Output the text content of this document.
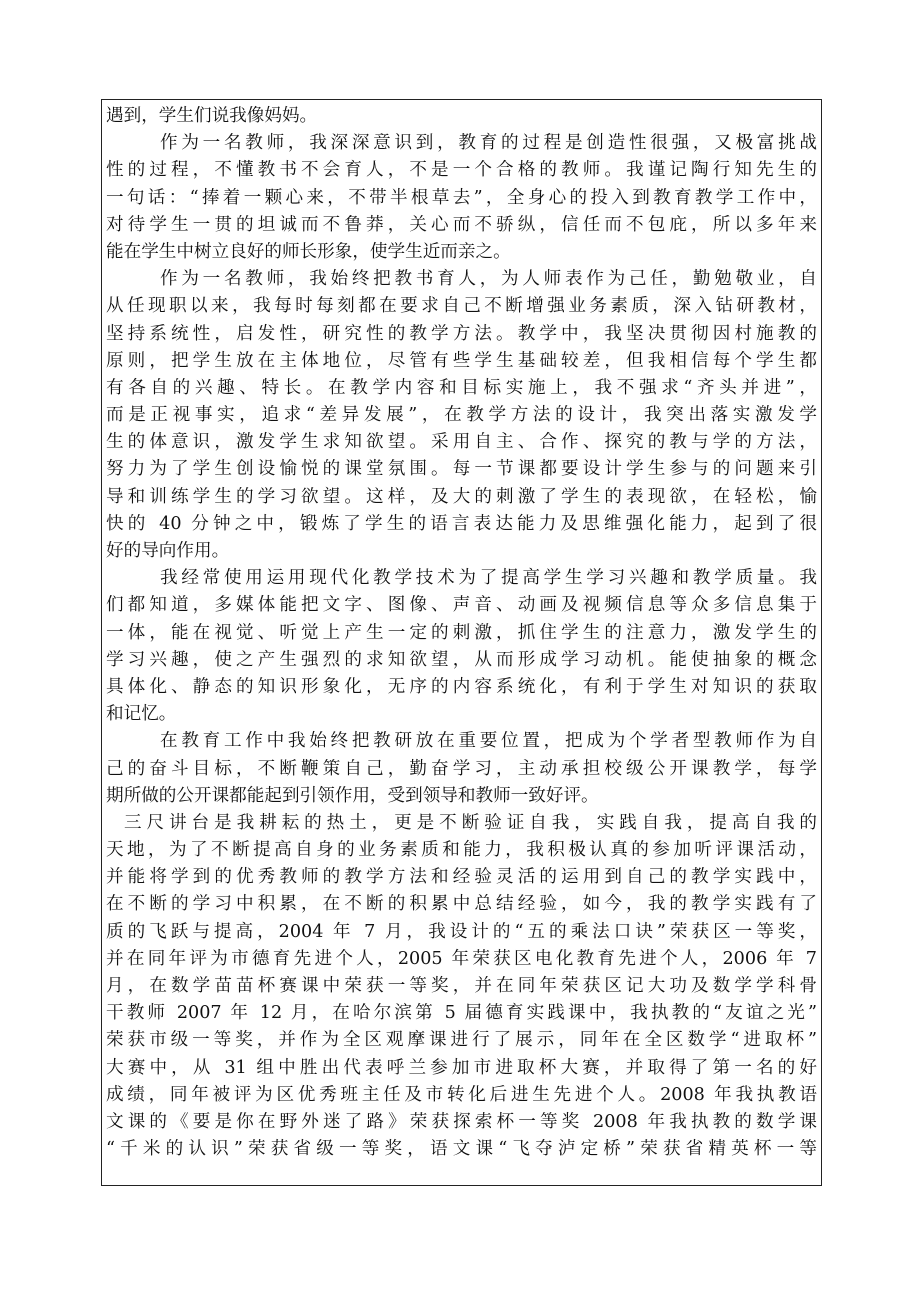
遇到，学生们说我像妈妈。
作为一名教师，我深深意识到，教育的过程是创造性很强，又极富挑战
性的过程，不懂教书不会育人，不是一个合格的教师。我谨记陶行知先生的
一句话：“捧着一颗心来，不带半根草去”，全身心的投入到教育教学工作中，
对待学生一贯的坦诚而不鲁莽，关心而不骄纵，信任而不包庇，所以多年来
能在学生中树立良好的师长形象，使学生近而亲之。
作为一名教师，我始终把教书育人，为人师表作为己任，勤勉敬业，自
从任现职以来，我每时每刻都在要求自己不断增强业务素质，深入钻研教材，
坚持系统性，启发性，研究性的教学方法。教学中，我坚决贯彻因村施教的
原则，把学生放在主体地位，尽管有些学生基础较差，但我相信每个学生都
有各自的兴趣、特长。在教学内容和目标实施上，我不强求“齐头并进”，
而是正视事实，追求“差异发展”，在教学方法的设计，我突出落实激发学
生的体意识，激发学生求知欲望。采用自主、合作、探究的教与学的方法，
努力为了学生创设愉悦的课堂氛围。每一节课都要设计学生参与的问题来引
导和训练学生的学习欲望。这样，及大的刺激了学生的表现欲，在轻松，愉
快的 40 分钟之中，锻炼了学生的语言表达能力及思维强化能力，起到了很
好的导向作用。
我经常使用运用现代化教学技术为了提高学生学习兴趣和教学质量。我
们都知道，多媒体能把文字、图像、声音、动画及视频信息等众多信息集于
一体，能在视觉、听觉上产生一定的刺激，抓住学生的注意力，激发学生的
学习兴趣，使之产生强烈的求知欲望，从而形成学习动机。能使抽象的概念
具体化、静态的知识形象化，无序的内容系统化，有利于学生对知识的获取
和记忆。
在教育工作中我始终把教研放在重要位置，把成为个学者型教师作为自
己的奋斗目标，不断鞭策自己，勤奋学习，主动承担校级公开课教学，每学
期所做的公开课都能起到引领作用，受到领导和教师一致好评。
三尺讲台是我耕耘的热土，更是不断验证自我，实践自我，提高自我的
天地，为了不断提高自身的业务素质和能力，我积极认真的参加听评课活动，
并能将学到的优秀教师的教学方法和经验灵活的运用到自己的教学实践中，
在不断的学习中积累，在不断的积累中总结经验，如今，我的教学实践有了
质的飞跃与提高，2004 年 7 月，我设计的“五的乘法口诀”荣获区一等奖，
并在同年评为市德育先进个人，2005 年荣获区电化教育先进个人，2006 年 7
月，在数学苗苗杯赛课中荣获一等奖，并在同年荣获区记大功及数学学科骨
干教师 2007 年 12 月，在哈尔滨第 5 届德育实践课中，我执教的“友谊之光”
荣获市级一等奖，并作为全区观摩课进行了展示，同年在全区数学“进取杯”
大赛中，从 31 组中胜出代表呼兰参加市进取杯大赛，并取得了第一名的好
成绩，同年被评为区优秀班主任及市转化后进生先进个人。2008 年我执教语
文课的《要是你在野外迷了路》荣获探索杯一等奖 2008 年我执教的数学课
“千米的认识”荣获省级一等奖，语文课“飞夺泸定桥”荣获省精英杯一等
